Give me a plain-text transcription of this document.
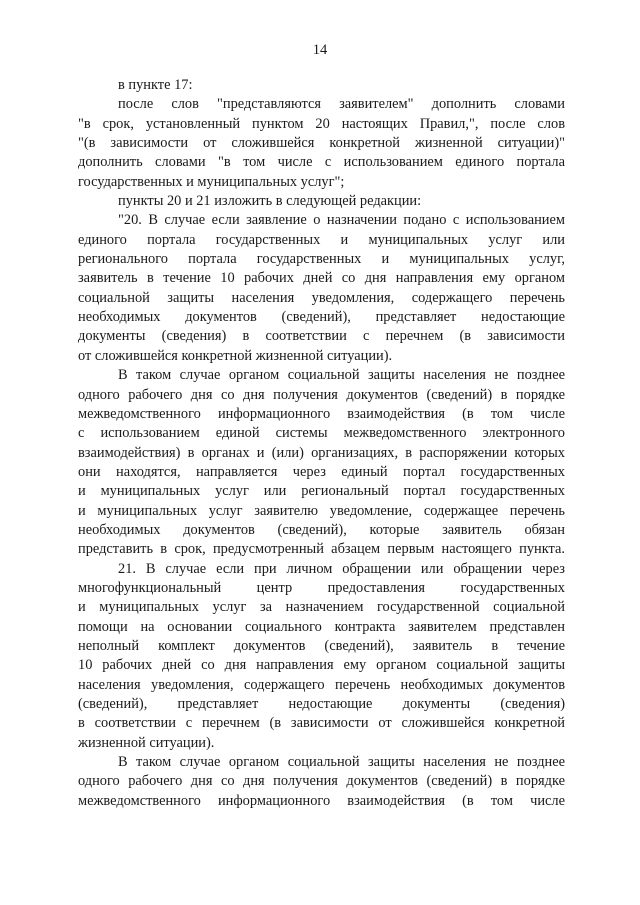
14
в пункте 17:
после слов "представляются заявителем" дополнить словами
"в срок, установленный пунктом 20 настоящих Правил,", после слов
"(в зависимости от сложившейся конкретной жизненной ситуации)"
дополнить словами "в том числе с использованием единого портала
государственных и муниципальных услуг";
пункты 20 и 21 изложить в следующей редакции:
"20. В случае если заявление о назначении подано с использованием
единого портала государственных и муниципальных услуг или
регионального портала государственных и муниципальных услуг,
заявитель в течение 10 рабочих дней со дня направления ему органом
социальной защиты населения уведомления, содержащего перечень
необходимых документов (сведений), представляет недостающие
документы (сведения) в соответствии с перечнем (в зависимости
от сложившейся конкретной жизненной ситуации).
В таком случае органом социальной защиты населения не позднее
одного рабочего дня со дня получения документов (сведений) в порядке
межведомственного информационного взаимодействия (в том числе
с использованием единой системы межведомственного электронного
взаимодействия) в органах и (или) организациях, в распоряжении которых
они находятся, направляется через единый портал государственных
и муниципальных услуг или региональный портал государственных
и муниципальных услуг заявителю уведомление, содержащее перечень
необходимых документов (сведений), которые заявитель обязан
представить в срок, предусмотренный абзацем первым настоящего пункта.
21. В случае если при личном обращении или обращении через
многофункциональный центр предоставления государственных
и муниципальных услуг за назначением государственной социальной
помощи на основании социального контракта заявителем представлен
неполный комплект документов (сведений), заявитель в течение
10 рабочих дней со дня направления ему органом социальной защиты
населения уведомления, содержащего перечень необходимых документов
(сведений), представляет недостающие документы (сведения)
в соответствии с перечнем (в зависимости от сложившейся конкретной
жизненной ситуации).
В таком случае органом социальной защиты населения не позднее
одного рабочего дня со дня получения документов (сведений) в порядке
межведомственного информационного взаимодействия (в том числе
